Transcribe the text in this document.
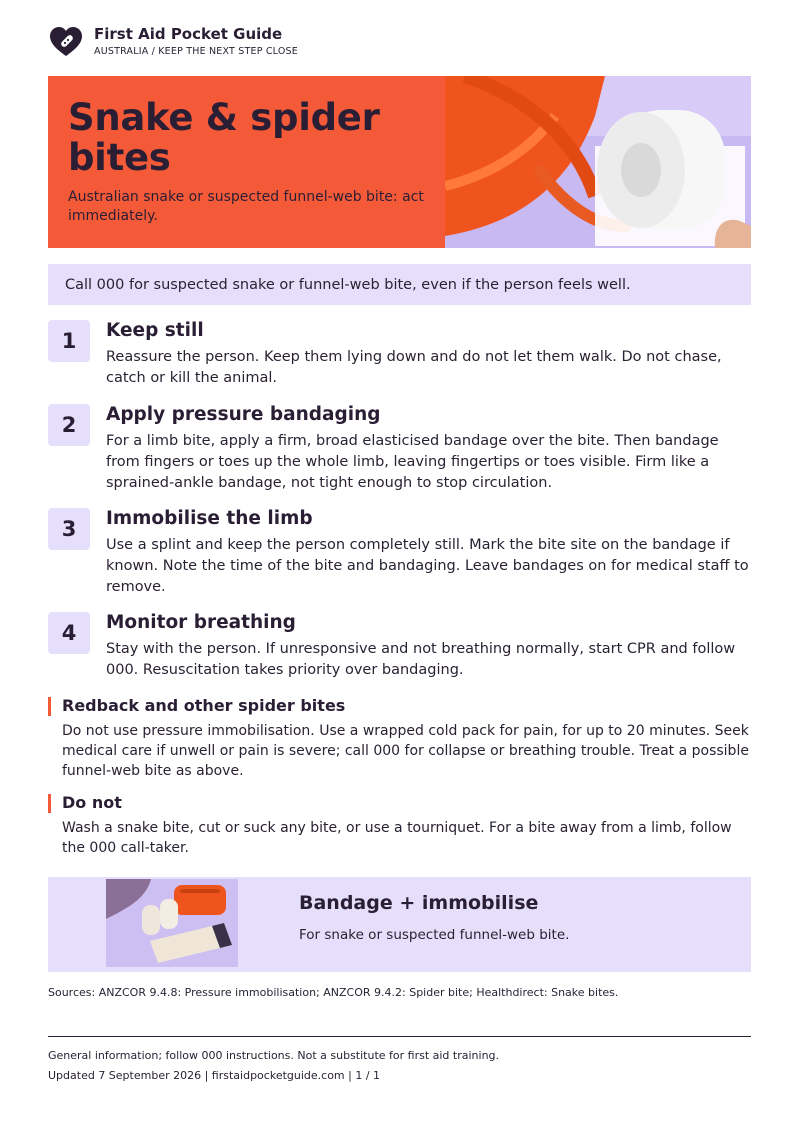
First Aid Pocket Guide
AUSTRALIA / KEEP THE NEXT STEP CLOSE
Snake & spider
bites
Australian snake or suspected funnel-web bite: act immediately.
Call 000 for suspected snake or funnel-web bite, even if the person feels well.
1	Keep still
Reassure the person. Keep them lying down and do not let them walk. Do not chase, catch or kill the animal.
2	Apply pressure bandaging
For a limb bite, apply a firm, broad elasticised bandage over the bite. Then bandage from fingers or toes up the whole limb, leaving fingertips or toes visible. Firm like a sprained-ankle bandage, not tight enough to stop circulation.
3	Immobilise the limb
Use a splint and keep the person completely still. Mark the bite site on the bandage if known. Note the time of the bite and bandaging. Leave bandages on for medical staff to remove.
4	Monitor breathing
Stay with the person. If unresponsive and not breathing normally, start CPR and follow 000. Resuscitation takes priority over bandaging.
Redback and other spider bites
Do not use pressure immobilisation. Use a wrapped cold pack for pain, for up to 20 minutes. Seek medical care if unwell or pain is severe; call 000 for collapse or breathing trouble. Treat a possible funnel-web bite as above.
Do not
Wash a snake bite, cut or suck any bite, or use a tourniquet. For a bite away from a limb, follow the 000 call-taker.
Bandage + immobilise
For snake or suspected funnel-web bite.
Sources: ANZCOR 9.4.8: Pressure immobilisation; ANZCOR 9.4.2: Spider bite; Healthdirect: Snake bites.
General information; follow 000 instructions. Not a substitute for first aid training.
Updated 7 September 2026 | firstaidpocketguide.com | 1 / 1
